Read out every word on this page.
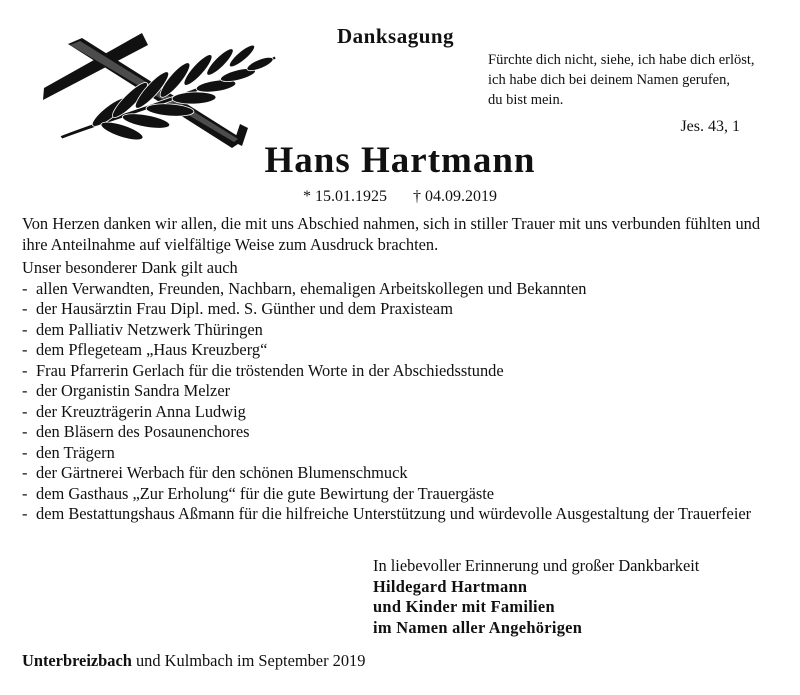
Danksagung
Fürchte dich nicht, siehe, ich habe dich erlöst,
ich habe dich bei deinem Namen gerufen,
du bist mein.
Jes. 43, 1
Hans Hartmann
* 15.01.1925 † 04.09.2019

Von Herzen danken wir allen, die mit uns Abschied nahmen, sich in stiller Trauer mit uns verbunden fühlten und ihre Anteilnahme auf vielfältige Weise zum Ausdruck brachten.

Unser besonderer Dank gilt auch

- allen Verwandten, Freunden, Nachbarn, ehemaligen Arbeitskollegen und Bekannten
- der Hausärztin Frau Dipl. med. S. Günther und dem Praxisteam
- dem Palliativ Netzwerk Thüringen
- dem Pflegeteam „Haus Kreuzberg“
- Frau Pfarrerin Gerlach für die tröstenden Worte in der Abschiedsstunde
- der Organistin Sandra Melzer
- der Kreuzträgerin Anna Ludwig
- den Bläsern des Posaunenchores
- den Trägern
- der Gärtnerei Werbach für den schönen Blumenschmuck
- dem Gasthaus „Zur Erholung“ für die gute Bewirtung der Trauergäste
- dem Bestattungshaus Aßmann für die hilfreiche Unterstützung und würdevolle Ausgestaltung der Trauerfeier
In liebevoller Erinnerung und großer Dankbarkeit
Hildegard Hartmann
und Kinder mit Familien
im Namen aller Angehörigen
Unterbreizbach und Kulmbach im September 2019
